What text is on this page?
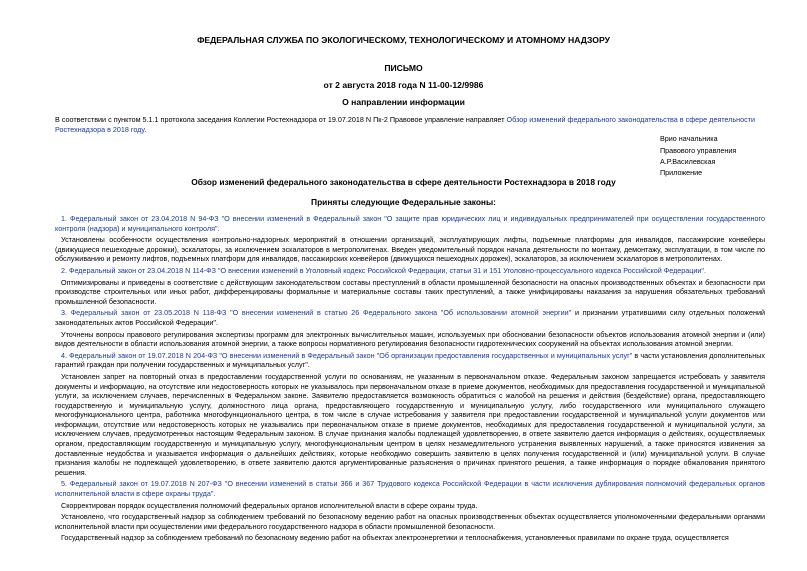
ФЕДЕРАЛЬНАЯ СЛУЖБА ПО ЭКОЛОГИЧЕСКОМУ, ТЕХНОЛОГИЧЕСКОМУ И АТОМНОМУ НАДЗОРУ
ПИСЬМО
от 2 августа 2018 года N 11-00-12/9986
О направлении информации
В соответствии с пунктом 5.1.1 протокола заседания Коллегии Ростехнадзора от 19.07.2018 N Пк-2 Правовое управление направляет Обзор изменений федерального законодательства в сфере деятельности Ростехнадзора в 2018 году.
Врио начальника
Правового управления
А.Р.Василевская
Приложение
Обзор изменений федерального законодательства в сфере деятельности Ростехнадзора в 2018 году
Приняты следующие Федеральные законы:

1. Федеральный закон от 23.04.2018 N 94-ФЗ "О внесении изменений в Федеральный закон "О защите прав юридических лиц и индивидуальных предпринимателей при осуществлении государственного контроля (надзора) и муниципального контроля".

Установлены особенности осуществления контрольно-надзорных мероприятий в отношении организаций, эксплуатирующих лифты, подъемные платформы для инвалидов, пассажирские конвейеры (движущиеся пешеходные дорожки), эскалаторы, за исключением эскалаторов в метрополитенах. Введен уведомительный порядок начала деятельности по монтажу, демонтажу, эксплуатации, в том числе по обслуживанию и ремонту лифтов, подъемных платформ для инвалидов, пассажирских конвейеров (движущихся пешеходных дорожек), эскалаторов, за исключением эскалаторов в метрополитенах.

2. Федеральный закон от 23.04.2018 N 114-ФЗ "О внесении изменений в Уголовный кодекс Российской Федерации, статьи 31 и 151 Уголовно-процессуального кодекса Российской Федерации".

Оптимизированы и приведены в соответствие с действующим законодательством составы преступлений в области промышленной безопасности на опасных производственных объектах и безопасности при производстве строительных или иных работ, дифференцированы формальные и материальные составы таких преступлений, а также унифицированы наказания за нарушения обязательных требований промышленной безопасности.

3. Федеральный закон от 23.05.2018 N 118-ФЗ "О внесении изменений в статью 26 Федерального закона "Об использовании атомной энергии" и признании утратившими силу отдельных положений законодательных актов Российской Федерации".

Уточнены вопросы правового регулирования экспертизы программ для электронных вычислительных машин, используемых при обосновании безопасности объектов использования атомной энергии и (или) видов деятельности в области использования атомной энергии, а также вопросы нормативного регулирования безопасности гидротехнических сооружений на объектах использования атомной энергии.

4. Федеральный закон от 19.07.2018 N 204-ФЗ "О внесении изменений в Федеральный закон "Об организации предоставления государственных и муниципальных услуг" в части установления дополнительных гарантий граждан при получении государственных и муниципальных услуг".

Установлен запрет на повторный отказ в предоставлении государственной услуги по основаниям, не указанным в первоначальном отказе. Федеральным законом запрещается истребовать у заявителя документы и информацию, на отсутствие или недостоверность которых не указывалось при первоначальном отказе в приеме документов, необходимых для предоставления государственной и муниципальной услуги, за исключением случаев, перечисленных в Федеральном законе. Заявителю предоставляется возможность обратиться с жалобой на решения и действия (бездействие) органа, предоставляющего государственную и муниципальную услугу, должностного лица органа, предоставляющего государственную и муниципальную услугу, либо государственного или муниципального служащего многофункционального центра, работника многофункционального центра, в том числе в случае истребования у заявителя при предоставлении государственной и муниципальной услуги документов или информации, отсутствие или недостоверность которых не указывались при первоначальном отказе в приеме документов, необходимых для предоставления государственной и муниципальной услуги, за исключением случаев, предусмотренных настоящим Федеральным законом. В случае признания жалобы подлежащей удовлетворению, в ответе заявителю дается информация о действиях, осуществляемых органом, предоставляющим государственную и муниципальную услугу, многофункциональным центром в целях незамедлительного устранения выявленных нарушений, а также приносятся извинения за доставленные неудобства и указывается информация о дальнейших действиях, которые необходимо совершить заявителю в целях получения государственной и (или) муниципальной услуги. В случае признания жалобы не подлежащей удовлетворению, в ответе заявителю даются аргументированные разъяснения о причинах принятого решения, а также информация о порядке обжалования принятого решения.

5. Федеральный закон от 19.07.2018 N 207-ФЗ "О внесении изменений в статьи 366 и 367 Трудового кодекса Российской Федерации в части исключения дублирования полномочий федеральных органов исполнительной власти в сфере охраны труда".

Скорректирован порядок осуществления полномочий федеральных органов исполнительной власти в сфере охраны труда.

Установлено, что государственный надзор за соблюдением требований по безопасному ведению работ на опасных производственных объектах осуществляется уполномоченными федеральными органами исполнительной власти при осуществлении ими федерального государственного надзора в области промышленной безопасности.

Государственный надзор за соблюдением требований по безопасному ведению работ на объектах электроэнергетики и теплоснабжения, установленных правилами по охране труда, осуществляется
